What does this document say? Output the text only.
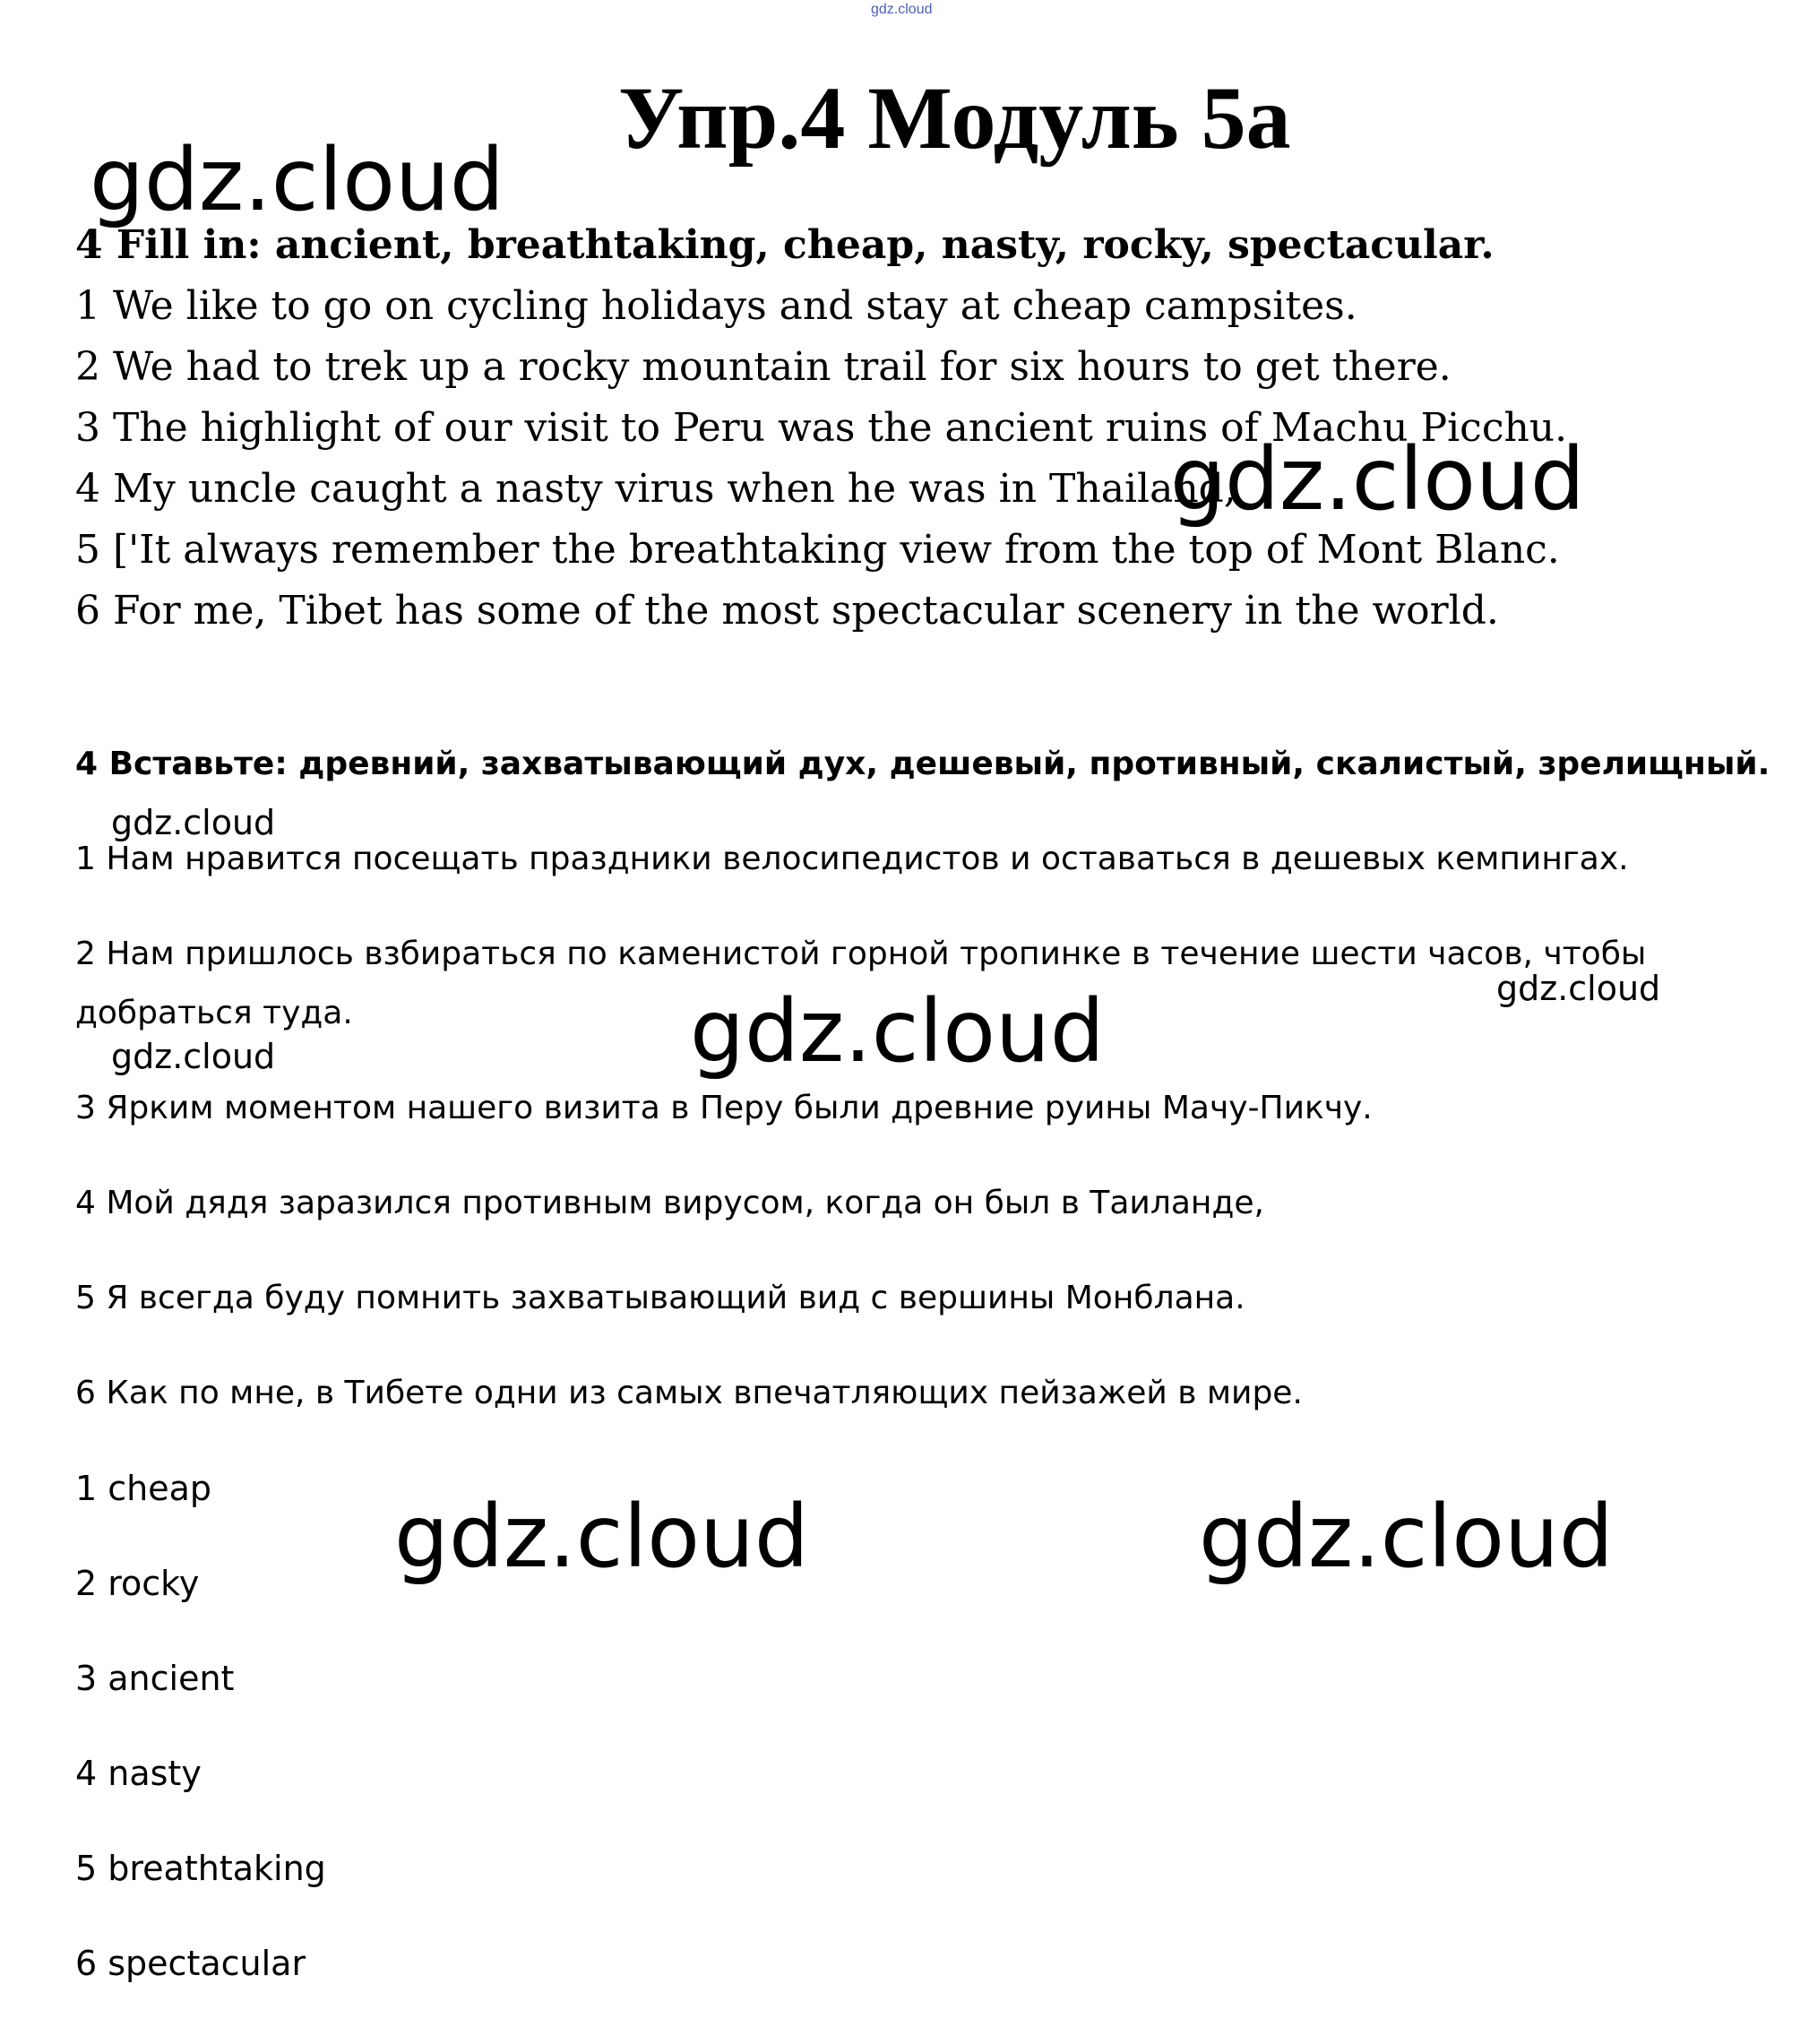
gdz.cloud
Упр.4 Модуль 5а
4 Fill in: ancient, breathtaking, cheap, nasty, rocky, spectacular.
1 We like to go on cycling holidays and stay at cheap campsites.
2 We had to trek up a rocky mountain trail for six hours to get there.
3 The highlight of our visit to Peru was the ancient ruins of Machu Picchu.
4 My uncle caught a nasty virus when he was in Thailand,
5 ['It always remember the breathtaking view from the top of Mont Blanc.
6 For me, Tibet has some of the most spectacular scenery in the world.
4 Вставьте: древний, захватывающий дух, дешевый, противный, скалистый, зрелищный.
1 Нам нравится посещать праздники велосипедистов и оставаться в дешевых кемпингах.
2 Нам пришлось взбираться по каменистой горной тропинке в течение шести часов, чтобы
добраться туда.
3 Ярким моментом нашего визита в Перу были древние руины Мачу-Пикчу.
4 Мой дядя заразился противным вирусом, когда он был в Таиланде,
5 Я всегда буду помнить захватывающий вид с вершины Монблана.
6 Как по мне, в Тибете одни из самых впечатляющих пейзажей в мире.
1 cheap
2 rocky
3 ancient
4 nasty
5 breathtaking
6 spectacular
gdz.cloud
gdz.cloud
gdz.cloud
gdz.cloud
gdz.cloud
gdz.cloud
gdz.cloud	gdz.cloud
